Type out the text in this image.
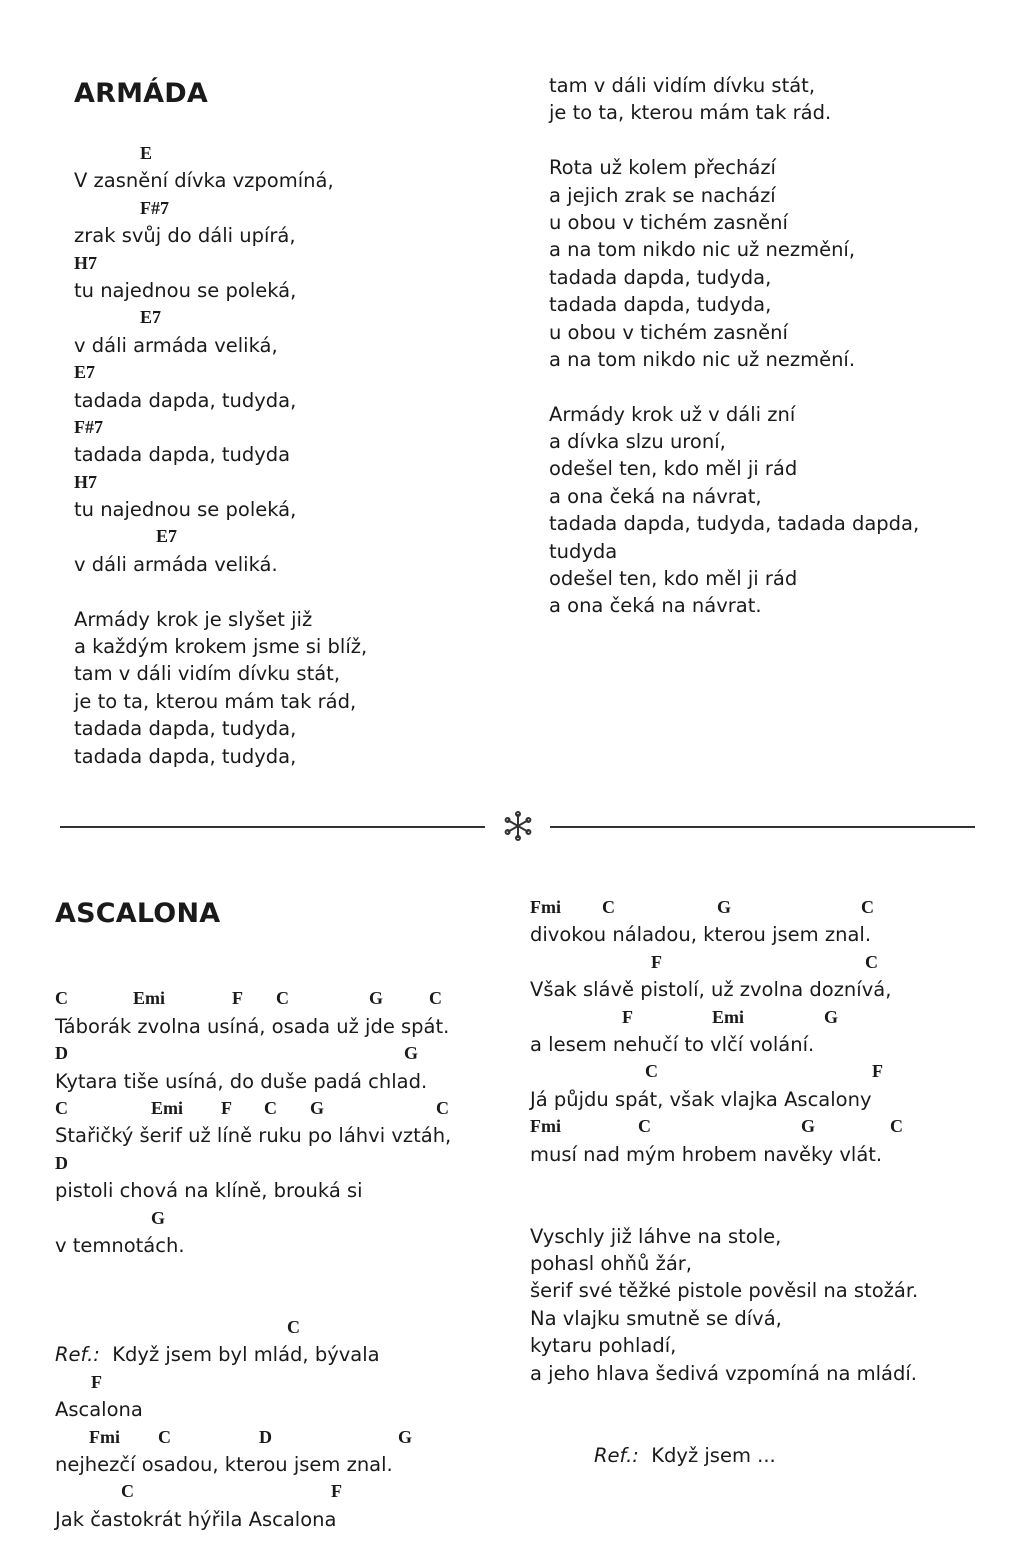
ARMÁDA
E
V zasnění dívka vzpomíná,
F#7
zrak svůj do dáli upírá,
H7
tu najednou se poleká,
E7
v dáli armáda veliká,
E7
tadada dapda, tudyda,
F#7
tadada dapda, tudyda
H7
tu najednou se poleká,
E7
v dáli armáda veliká.
Armády krok je slyšet již
a každým krokem jsme si blíž,
tam v dáli vidím dívku stát,
je to ta, kterou mám tak rád,
tadada dapda, tudyda,
tadada dapda, tudyda,
tam v dáli vidím dívku stát,
je to ta, kterou mám tak rád.
Rota už kolem přechází
a jejich zrak se nachází
u obou v tichém zasnění
a na tom nikdo nic už nezmění,
tadada dapda, tudyda,
tadada dapda, tudyda,
u obou v tichém zasnění
a na tom nikdo nic už nezmění.
Armády krok už v dáli zní
a dívka slzu uroní,
odešel ten, kdo měl ji rád
a ona čeká na návrat,
tadada dapda, tudyda, tadada dapda,
tudyda
odešel ten, kdo měl ji rád
a ona čeká na návrat.
ASCALONA
C	Emi	F C	G	C
Táborák zvolna usíná, osada už jde spát.
D	G
Kytara tiše usíná, do duše padá chlad.
C	Emi F C G	C
Stařičký šerif už líně ruku po láhvi vztáh,
D
pistoli chová na klíně, brouká si
G
v temnotách.
C
Ref.: Když jsem byl mlád, bývala
F
Ascalona
Fmi C	D	G
nejhezčí osadou, kterou jsem znal.
C	F
Jak častokrát hýřila Ascalona
Fmi C	G	C
divokou náladou, kterou jsem znal.
F	C
Však slávě pistolí, už zvolna doznívá,
F	Emi	G
a lesem nehučí to vlčí volání.
C	F
Já půjdu spát, však vlajka Ascalony
Fmi	C	G	C
musí nad mým hrobem navěky vlát.
Vyschly již láhve na stole,
pohasl ohňů žár,
šerif své těžké pistole pověsil na stožár.
Na vlajku smutně se dívá,
kytaru pohladí,
a jeho hlava šedivá vzpomíná na mládí.
Ref.: Když jsem ...
